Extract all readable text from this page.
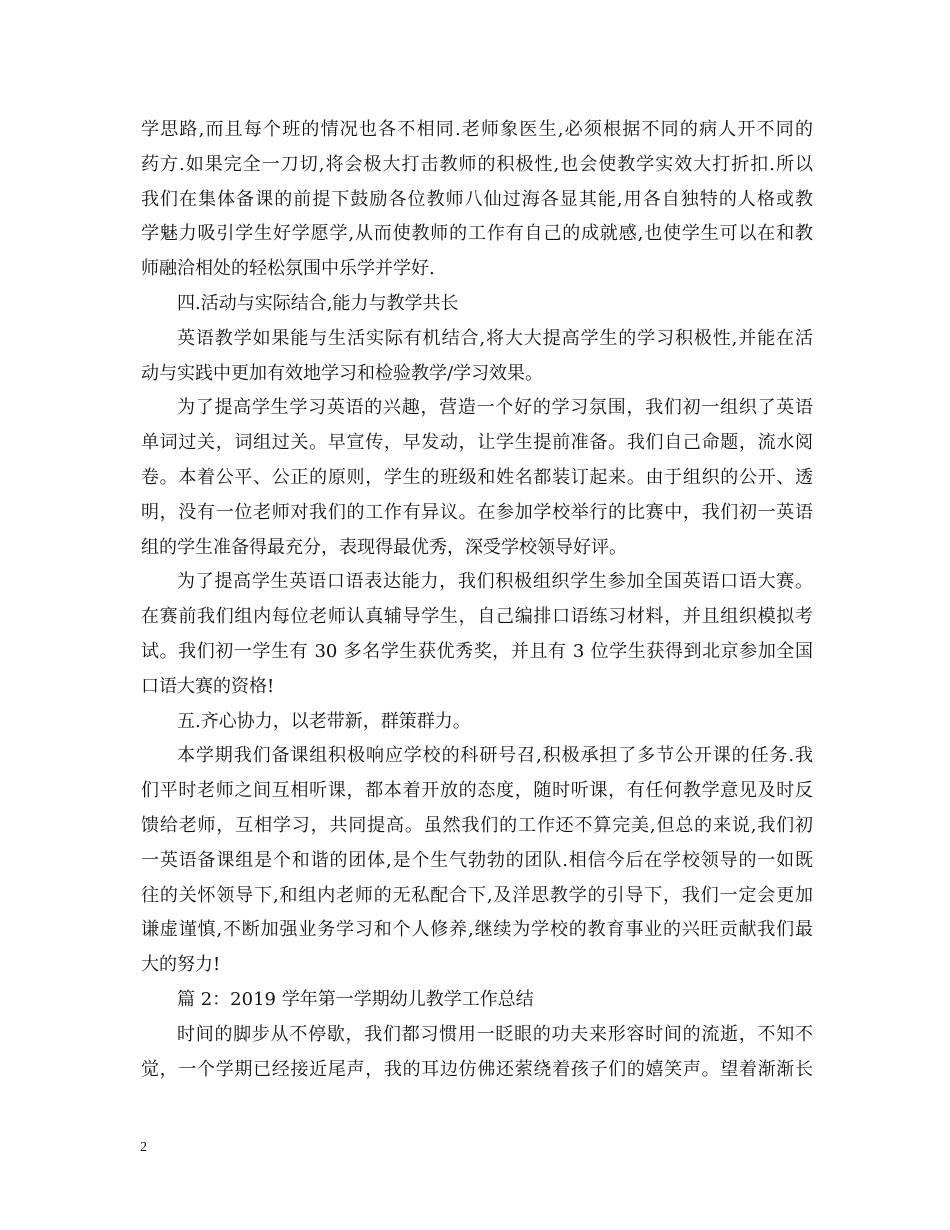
学思路,而且每个班的情况也各不相同.老师象医生,必须根据不同的病人开不同的
药方.如果完全一刀切,将会极大打击教师的积极性,也会使教学实效大打折扣.所以
我们在集体备课的前提下鼓励各位教师八仙过海各显其能,用各自独特的人格或教
学魅力吸引学生好学愿学,从而使教师的工作有自己的成就感,也使学生可以在和教
师融洽相处的轻松氛围中乐学并学好.
四.活动与实际结合,能力与教学共长
英语教学如果能与生活实际有机结合,将大大提高学生的学习积极性,并能在活
动与实践中更加有效地学习和检验教学/学习效果。
为了提高学生学习英语的兴趣，营造一个好的学习氛围，我们初一组织了英语
单词过关，词组过关。早宣传，早发动，让学生提前准备。我们自己命题，流水阅
卷。本着公平、公正的原则，学生的班级和姓名都装订起来。由于组织的公开、透
明，没有一位老师对我们的工作有异议。在参加学校举行的比赛中，我们初一英语
组的学生准备得最充分，表现得最优秀，深受学校领导好评。
为了提高学生英语口语表达能力，我们积极组织学生参加全国英语口语大赛。
在赛前我们组内每位老师认真辅导学生，自己编排口语练习材料，并且组织模拟考
试。我们初一学生有 30 多名学生获优秀奖，并且有 3 位学生获得到北京参加全国
口语大赛的资格!
五.齐心协力，以老带新，群策群力。
本学期我们备课组积极响应学校的科研号召,积极承担了多节公开课的任务.我
们平时老师之间互相听课，都本着开放的态度，随时听课，有任何教学意见及时反
馈给老师，互相学习，共同提高。虽然我们的工作还不算完美,但总的来说,我们初
一英语备课组是个和谐的团体,是个生气勃勃的团队.相信今后在学校领导的一如既
往的关怀领导下,和组内老师的无私配合下,及洋思教学的引导下，我们一定会更加
谦虚谨慎,不断加强业务学习和个人修养,继续为学校的教育事业的兴旺贡献我们最
大的努力!
篇 2：2019 学年第一学期幼儿教学工作总结
时间的脚步从不停歇，我们都习惯用一眨眼的功夫来形容时间的流逝，不知不
觉，一个学期已经接近尾声，我的耳边仿佛还萦绕着孩子们的嬉笑声。望着渐渐长
2
